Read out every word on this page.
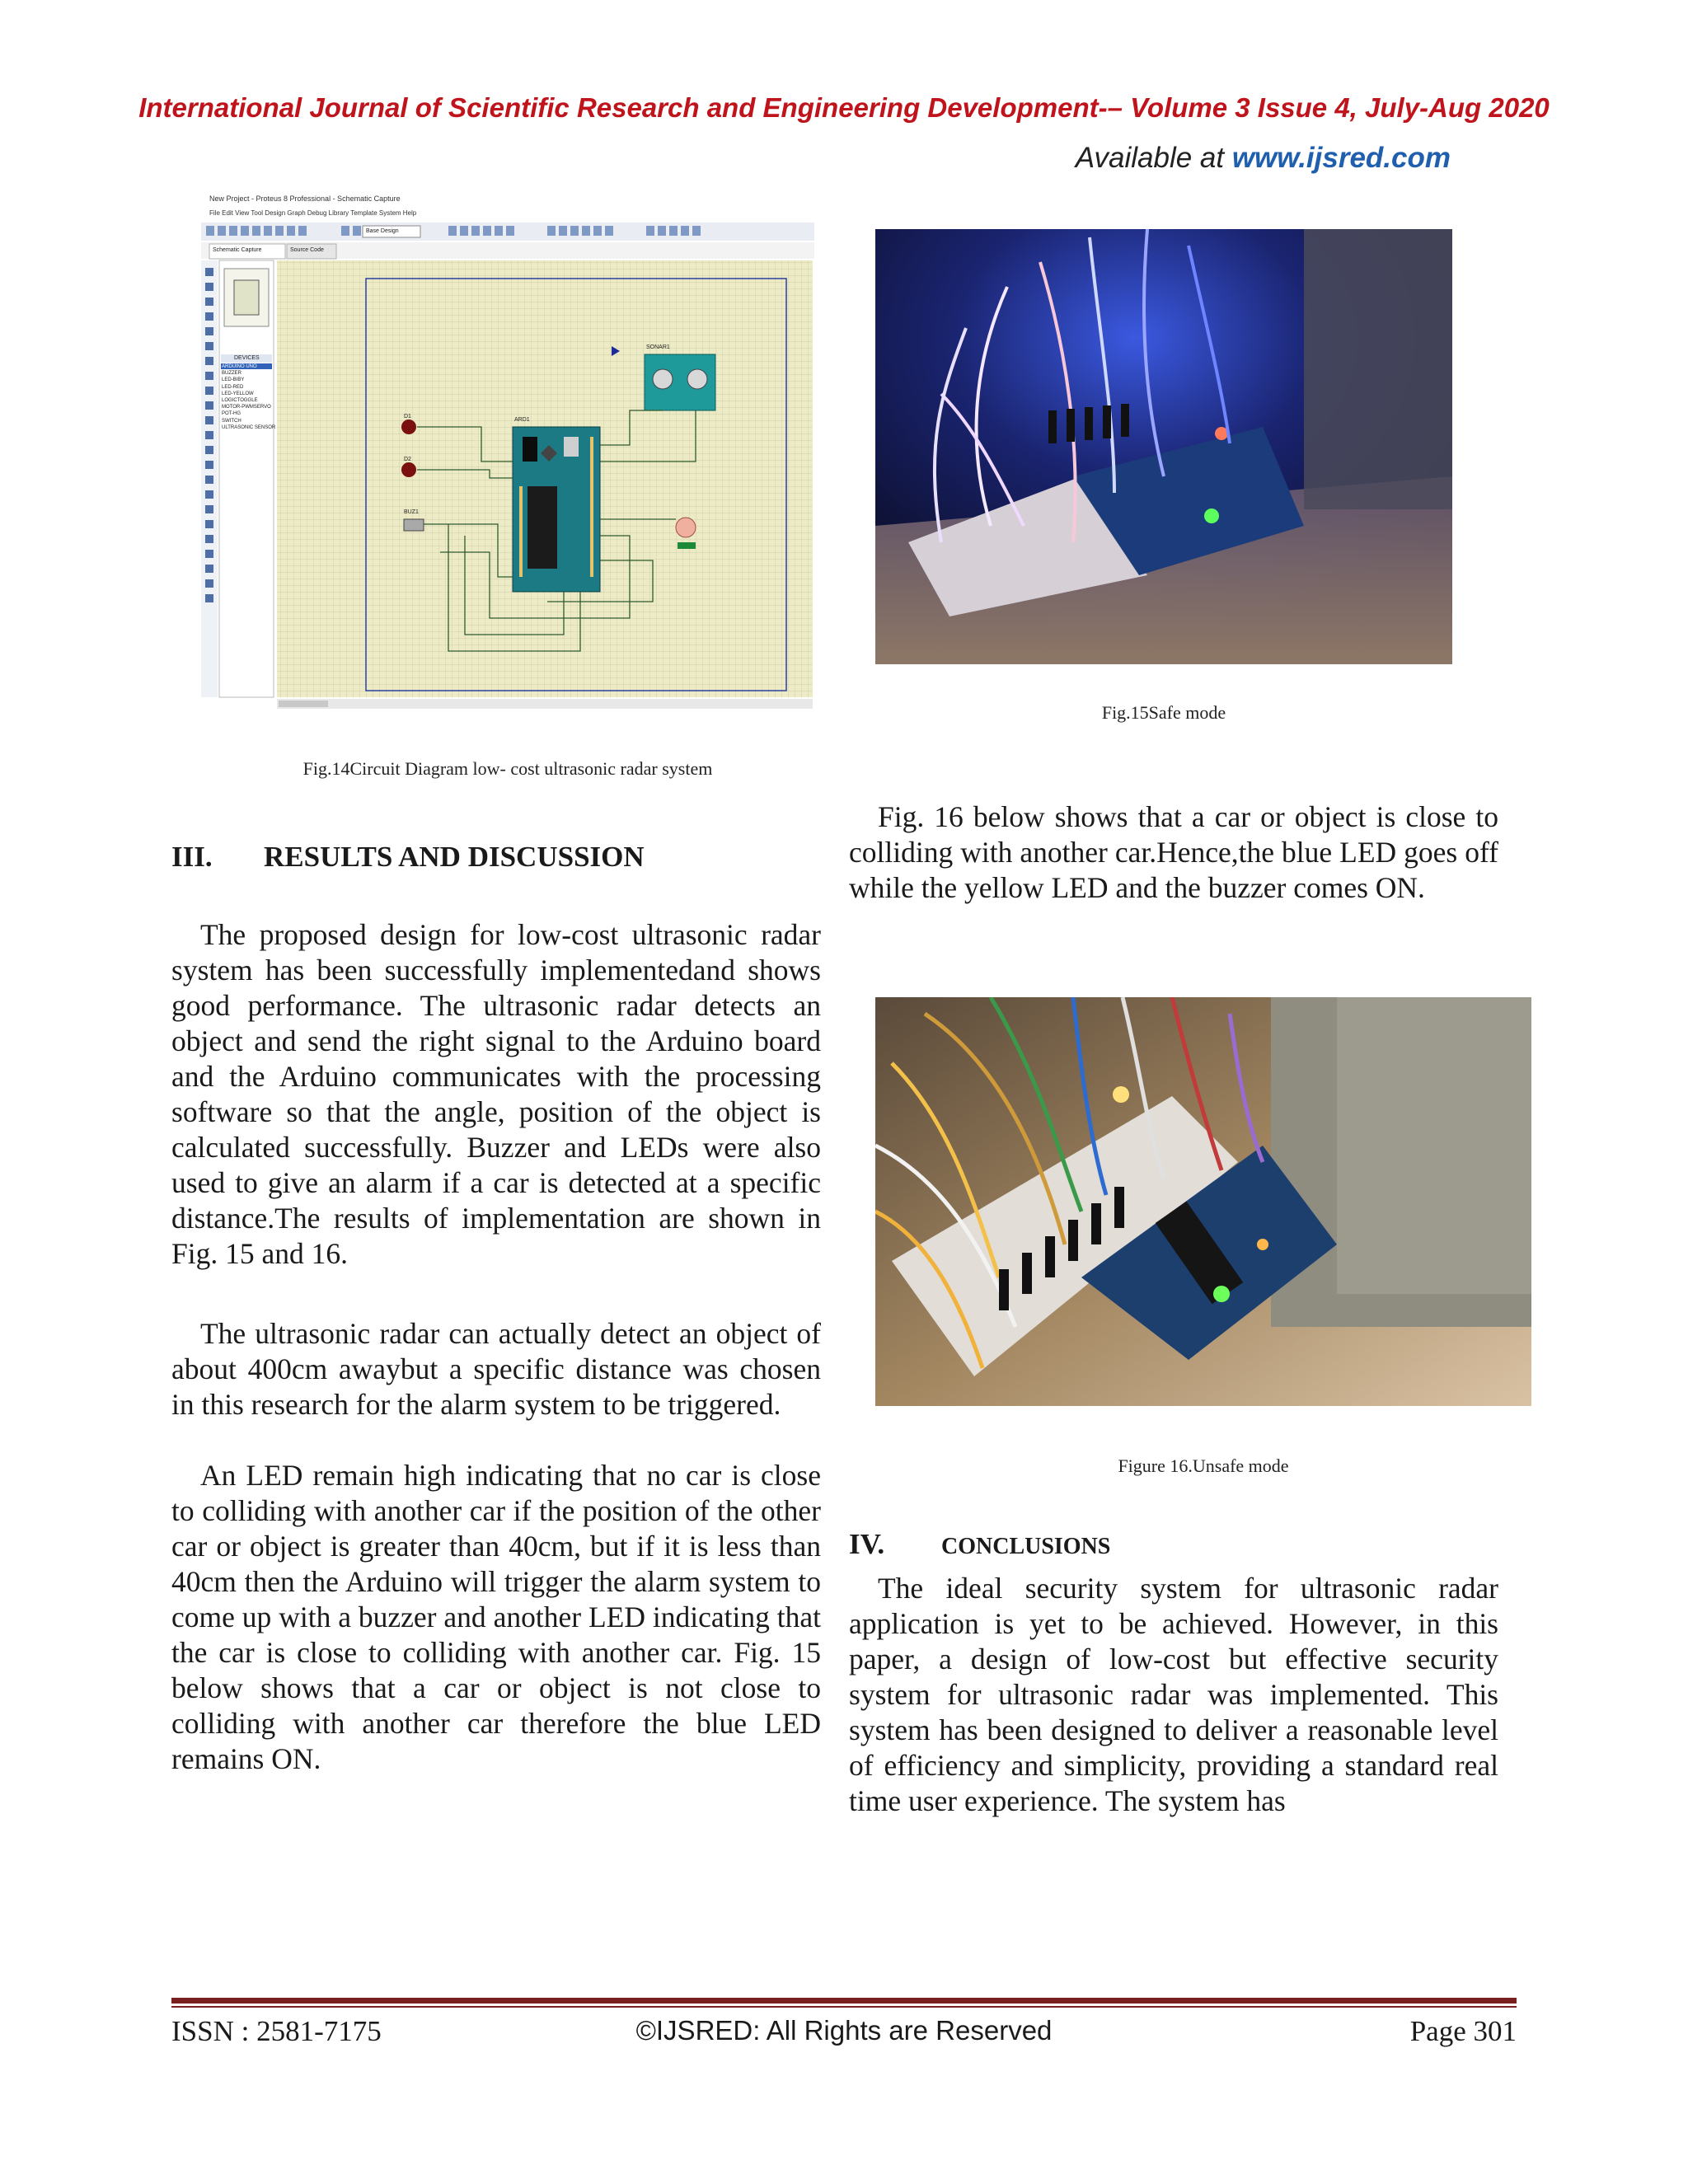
International Journal of Scientific Research and Engineering Development-– Volume 3 Issue 4, July-Aug 2020
Available at www.ijsred.com
New Project - Proteus 8 Professional - Schematic Capture
File Edit View Tool Design Graph Debug Library Template System Help
Base Design
Schematic Capture	Source Code
DEVICES
ARDUINO UNO
BUZZER
LED-BIBY
LED-RED
LED-YELLOW
LOGICTOGGLE
MOTOR-PWMSERVO
POT-HG
SWITCH
ULTRASONIC SENSOR
SONAR1
ARD1
D1
D2
BUZ1
Fig.14Circuit Diagram low- cost ultrasonic radar system
Fig.15Safe mode
III. RESULTS AND DISCUSSION
The proposed design for low-cost ultrasonic radar system has been successfully implementedand shows good performance. The ultrasonic radar detects an object and send the right signal to the Arduino board and the Arduino communicates with the processing software so that the angle, position of the object is calculated successfully. Buzzer and LEDs were also used to give an alarm if a car is detected at a specific distance.The results of implementation are shown in Fig. 15 and 16.
The ultrasonic radar can actually detect an object of about 400cm awaybut a specific distance was chosen in this research for the alarm system to be triggered.
An LED remain high indicating that no car is close to colliding with another car if the position of the other car or object is greater than 40cm, but if it is less than 40cm then the Arduino will trigger the alarm system to come up with a buzzer and another LED indicating that the car is close to colliding with another car. Fig. 15 below shows that a car or object is not close to colliding with another car therefore the blue LED remains ON.
Fig. 16 below shows that a car or object is close to colliding with another car.Hence,the blue LED goes off while the yellow LED and the buzzer comes ON.
Figure 16.Unsafe mode
IV. CONCLUSIONS
The ideal security system for ultrasonic radar application is yet to be achieved. However, in this paper, a design of low-cost but effective security system for ultrasonic radar was implemented. This system has been designed to deliver a reasonable level of efficiency and simplicity, providing a standard real time user experience. The system has
ISSN : 2581-7175	©IJSRED: All Rights are Reserved	Page 301
